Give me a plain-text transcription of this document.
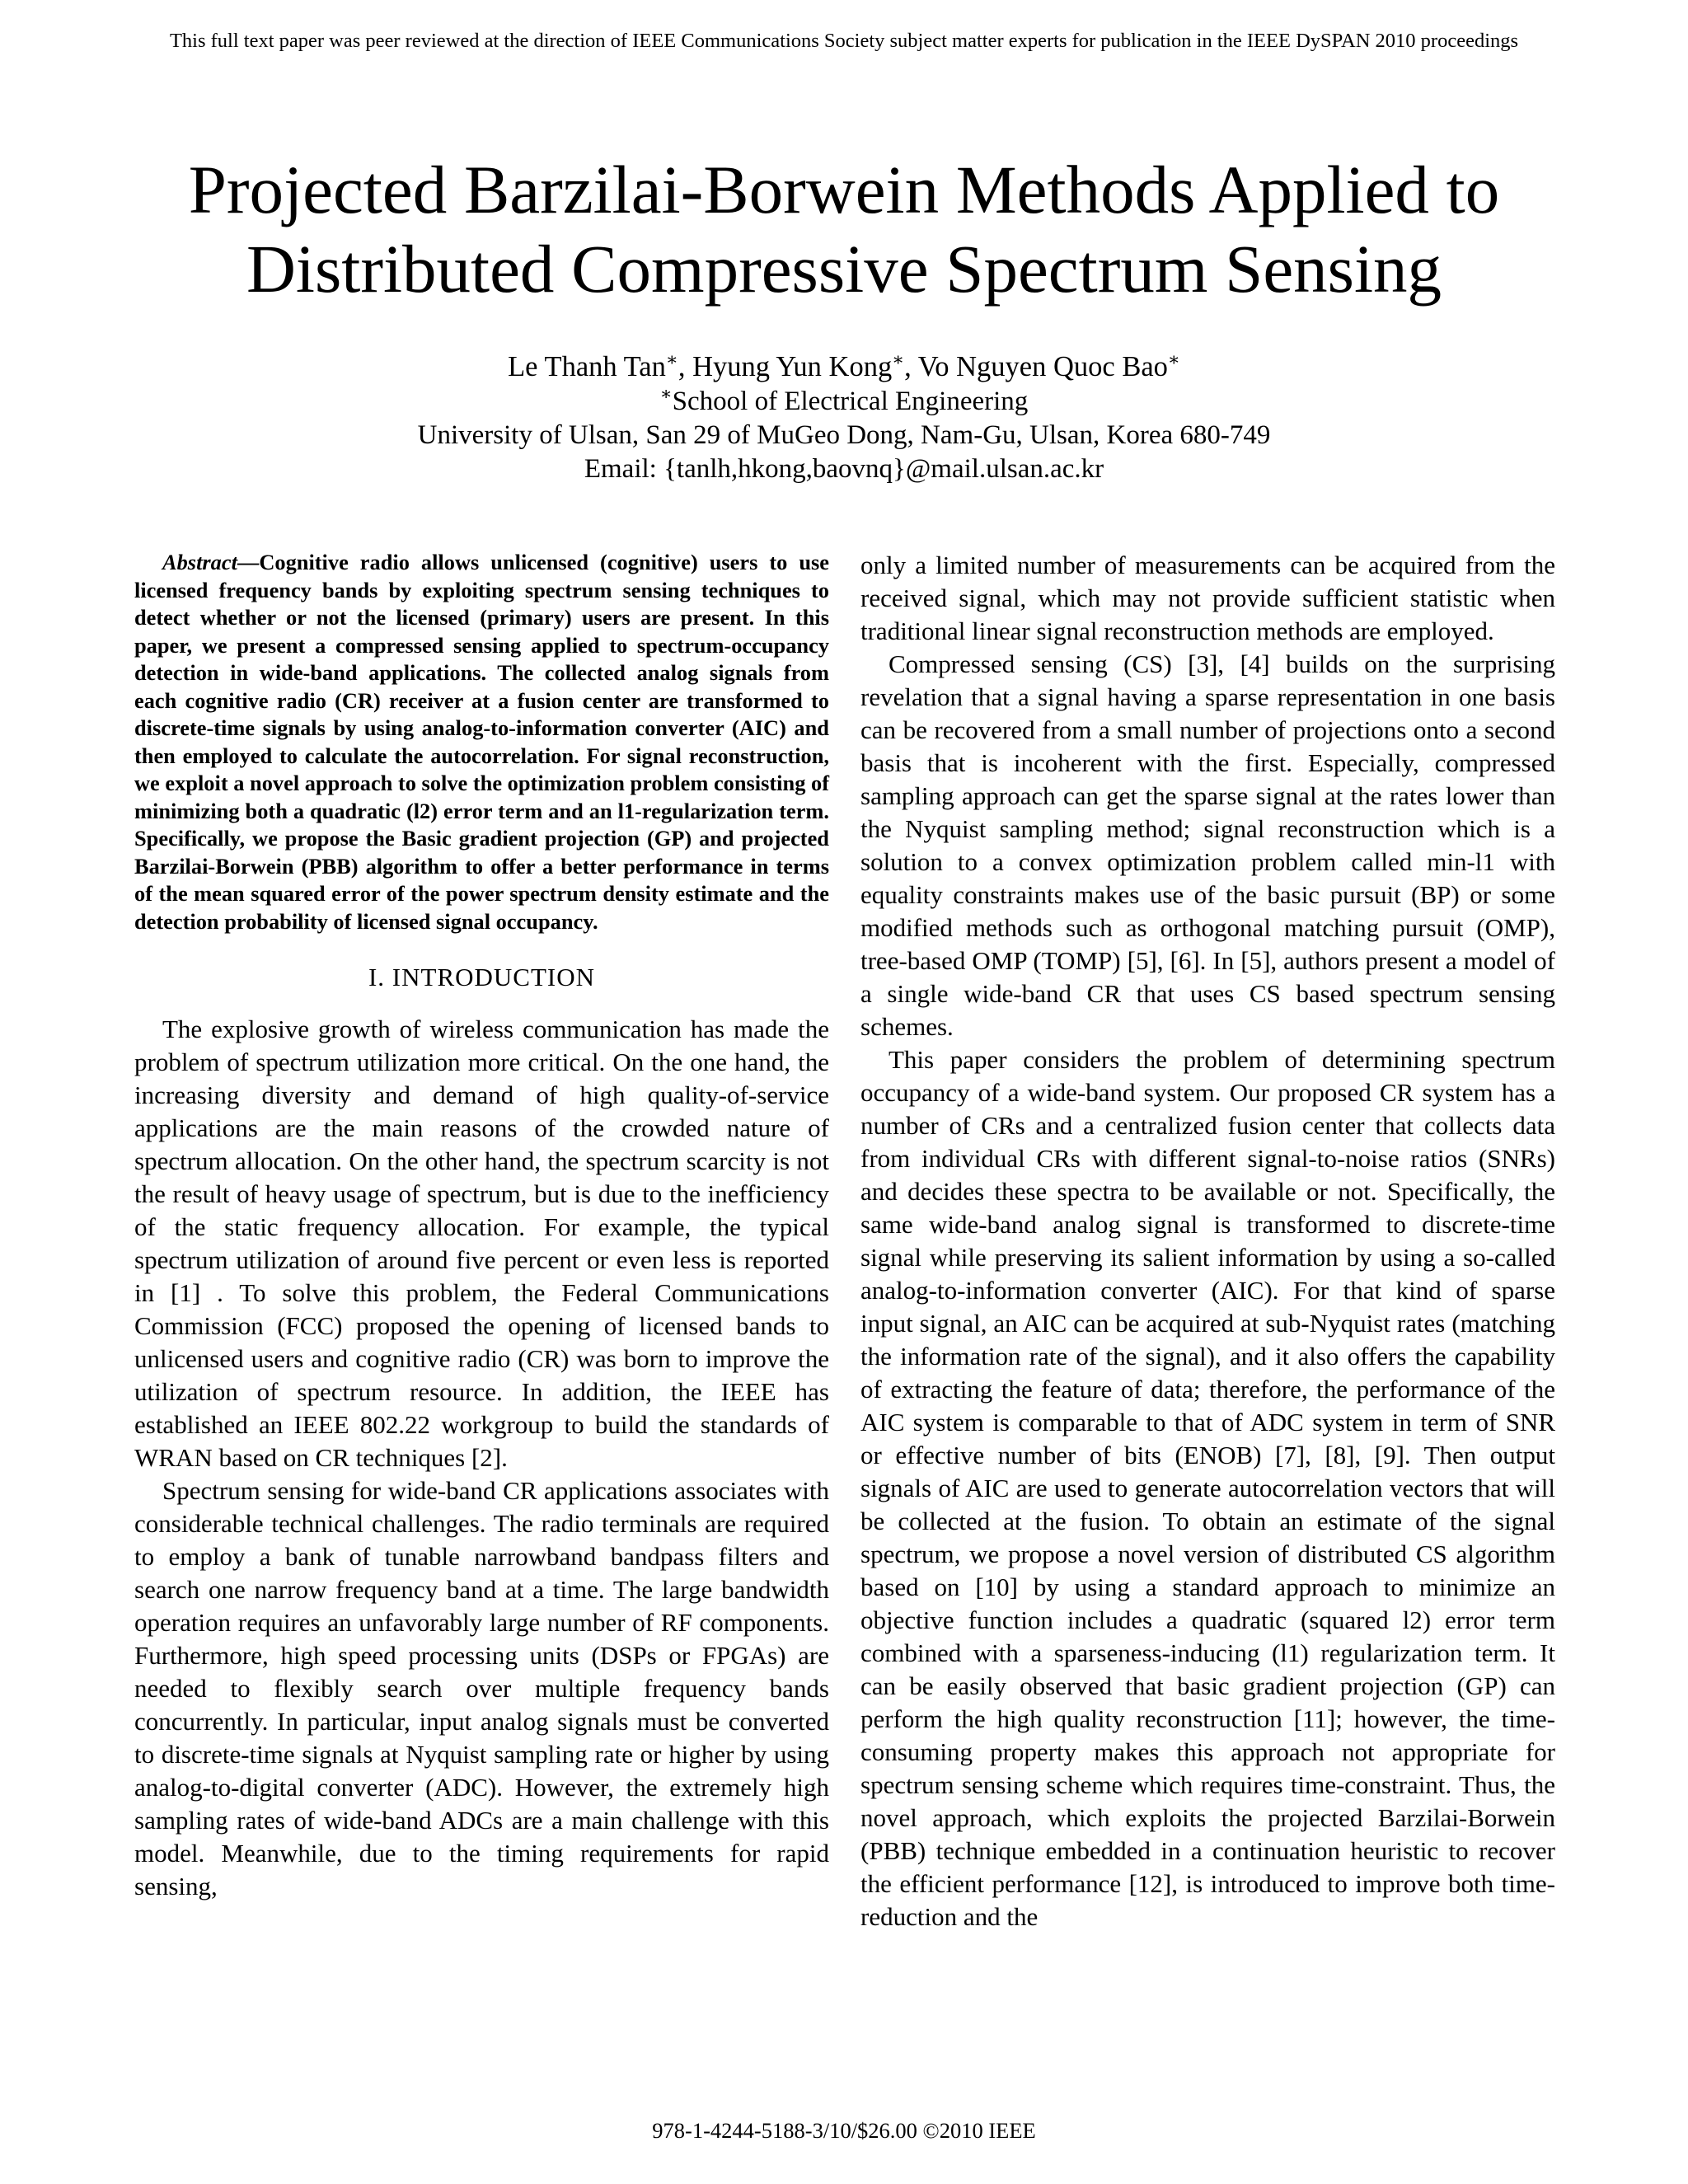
This full text paper was peer reviewed at the direction of IEEE Communications Society subject matter experts for publication in the IEEE DySPAN 2010 proceedings
Projected Barzilai-Borwein Methods Applied to
Distributed Compressive Spectrum Sensing
Le Thanh Tan∗, Hyung Yun Kong∗, Vo Nguyen Quoc Bao∗
∗School of Electrical Engineering
University of Ulsan, San 29 of MuGeo Dong, Nam-Gu, Ulsan, Korea 680-749
Email: {tanlh,hkong,baovnq}@mail.ulsan.ac.kr

Abstract—Cognitive radio allows unlicensed (cognitive) users to use licensed frequency bands by exploiting spectrum sensing techniques to detect whether or not the licensed (primary) users are present. In this paper, we present a compressed sensing applied to spectrum-occupancy detection in wide-band applications. The collected analog signals from each cognitive radio (CR) receiver at a fusion center are transformed to discrete-time signals by using analog-to-information converter (AIC) and then employed to calculate the autocorrelation. For signal reconstruction, we exploit a novel approach to solve the optimization problem consisting of minimizing both a quadratic (l2) error term and an l1-regularization term. Specifically, we propose the Basic gradient projection (GP) and projected Barzilai-Borwein (PBB) algorithm to offer a better performance in terms of the mean squared error of the power spectrum density estimate and the detection probability of licensed signal occupancy.

I. INTRODUCTION

The explosive growth of wireless communication has made the problem of spectrum utilization more critical. On the one hand, the increasing diversity and demand of high quality-of-service applications are the main reasons of the crowded nature of spectrum allocation. On the other hand, the spectrum scarcity is not the result of heavy usage of spectrum, but is due to the inefficiency of the static frequency allocation. For example, the typical spectrum utilization of around five percent or even less is reported in [1] . To solve this problem, the Federal Communications Commission (FCC) proposed the opening of licensed bands to unlicensed users and cognitive radio (CR) was born to improve the utilization of spectrum resource. In addition, the IEEE has established an IEEE 802.22 workgroup to build the standards of WRAN based on CR techniques [2].

Spectrum sensing for wide-band CR applications associates with considerable technical challenges. The radio terminals are required to employ a bank of tunable narrowband bandpass filters and search one narrow frequency band at a time. The large bandwidth operation requires an unfavorably large number of RF components. Furthermore, high speed processing units (DSPs or FPGAs) are needed to flexibly search over multiple frequency bands concurrently. In particular, input analog signals must be converted to discrete-time signals at Nyquist sampling rate or higher by using analog-to-digital converter (ADC). However, the extremely high sampling rates of wide-band ADCs are a main challenge with this model. Meanwhile, due to the timing requirements for rapid sensing,

only a limited number of measurements can be acquired from the received signal, which may not provide sufficient statistic when traditional linear signal reconstruction methods are employed.

Compressed sensing (CS) [3], [4] builds on the surprising revelation that a signal having a sparse representation in one basis can be recovered from a small number of projections onto a second basis that is incoherent with the first. Especially, compressed sampling approach can get the sparse signal at the rates lower than the Nyquist sampling method; signal reconstruction which is a solution to a convex optimization problem called min-l1 with equality constraints makes use of the basic pursuit (BP) or some modified methods such as orthogonal matching pursuit (OMP), tree-based OMP (TOMP) [5], [6]. In [5], authors present a model of a single wide-band CR that uses CS based spectrum sensing schemes.

This paper considers the problem of determining spectrum occupancy of a wide-band system. Our proposed CR system has a number of CRs and a centralized fusion center that collects data from individual CRs with different signal-to-noise ratios (SNRs) and decides these spectra to be available or not. Specifically, the same wide-band analog signal is transformed to discrete-time signal while preserving its salient information by using a so-called analog-to-information converter (AIC). For that kind of sparse input signal, an AIC can be acquired at sub-Nyquist rates (matching the information rate of the signal), and it also offers the capability of extracting the feature of data; therefore, the performance of the AIC system is comparable to that of ADC system in term of SNR or effective number of bits (ENOB) [7], [8], [9]. Then output signals of AIC are used to generate autocorrelation vectors that will be collected at the fusion. To obtain an estimate of the signal spectrum, we propose a novel version of distributed CS algorithm based on [10] by using a standard approach to minimize an objective function includes a quadratic (squared l2) error term combined with a sparseness-inducing (l1) regularization term. It can be easily observed that basic gradient projection (GP) can perform the high quality reconstruction [11]; however, the time-consuming property makes this approach not appropriate for spectrum sensing scheme which requires time-constraint. Thus, the novel approach, which exploits the projected Barzilai-Borwein (PBB) technique embedded in a continuation heuristic to recover the efficient performance [12], is introduced to improve both time-reduction and the

978-1-4244-5188-3/10/$26.00 ©2010 IEEE
